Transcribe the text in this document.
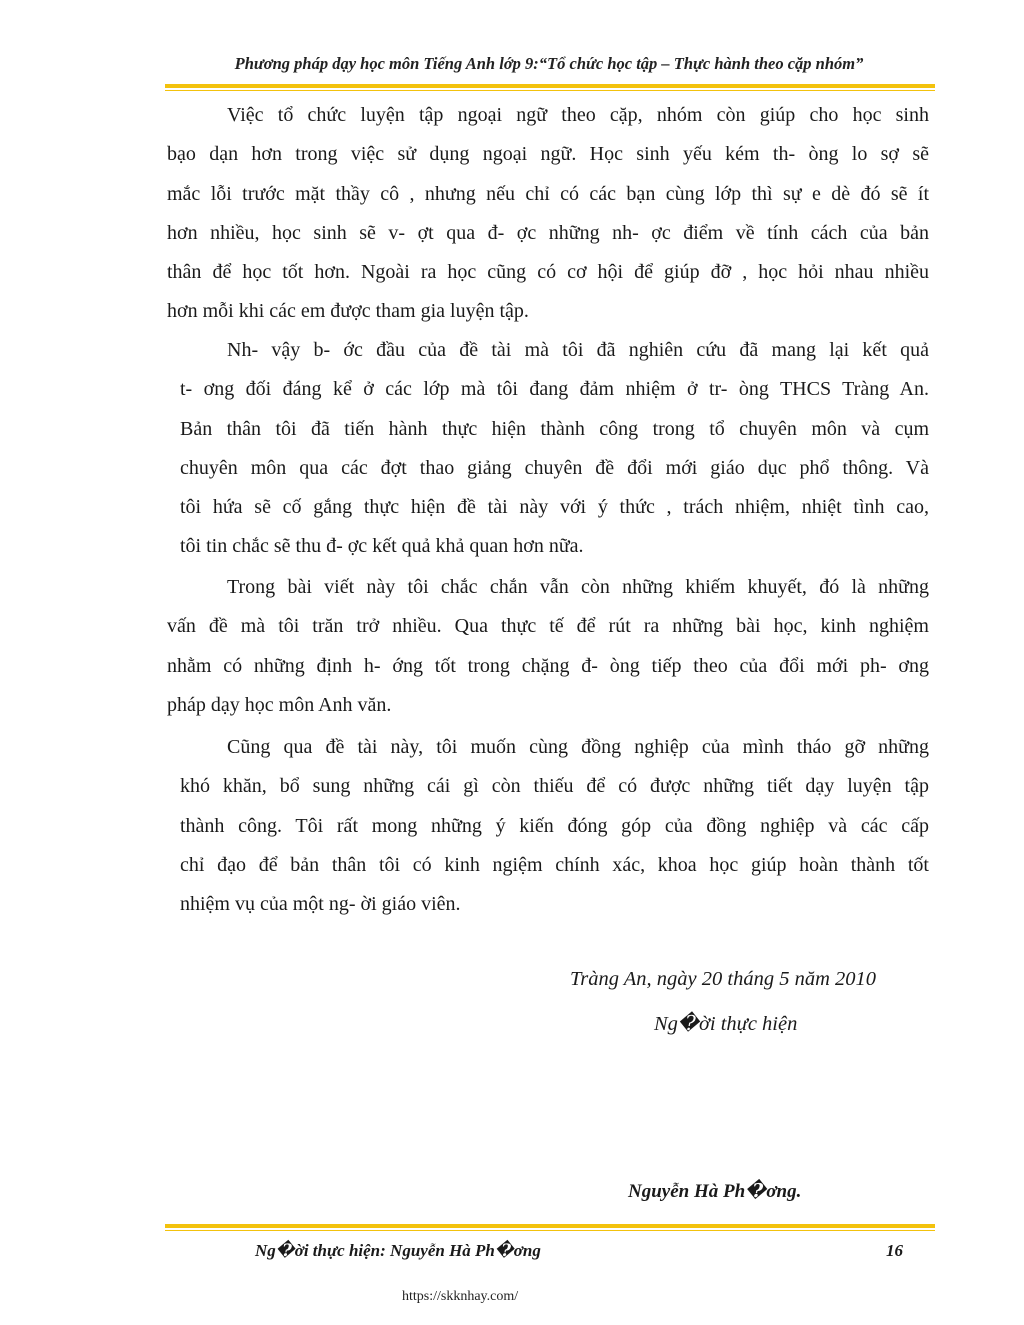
Phương pháp dạy học môn Tiếng Anh lớp 9:“Tổ chức học tập – Thực hành theo cặp nhóm”
Việc tổ chức luyện tập ngoại ngữ theo cặp, nhóm còn giúp cho học sinh
bạo dạn hơn trong việc sử dụng ngoại ngữ. Học sinh yếu kém th- òng lo sợ sẽ
mắc lỗi trước mặt thầy cô , nhưng nếu chỉ có các bạn cùng lớp thì sự e dè đó sẽ ít
hơn nhiều, học sinh sẽ v- ợt qua đ- ợc những nh- ợc điểm về tính cách của bản
thân để học tốt hơn. Ngoài ra học cũng có cơ hội để giúp đỡ , học hỏi nhau nhiều
hơn mỗi khi các em được tham gia luyện tập.
Nh- vậy b- ớc đầu của đề tài mà tôi đã nghiên cứu đã mang lại kết quả
t- ơng đối đáng kể ở các lớp mà tôi đang đảm nhiệm ở tr- òng THCS Tràng An.
Bản thân tôi đã tiến hành thực hiện thành công trong tổ chuyên môn và cụm
chuyên môn qua các đợt thao giảng chuyên đề đổi mới giáo dục phổ thông. Và
tôi hứa sẽ cố gắng thực hiện đề tài này với ý thức , trách nhiệm, nhiệt tình cao,
tôi tin chắc sẽ thu đ- ợc kết quả khả quan hơn nữa.
Trong bài viết này tôi chắc chắn vẫn còn những khiếm khuyết, đó là những
vấn đề mà tôi trăn trở nhiều. Qua thực tế để rút ra những bài học, kinh nghiệm
nhằm có những định h- ớng tốt trong chặng đ- òng tiếp theo của đổi mới ph- ơng
pháp dạy học môn Anh văn.
Cũng qua đề tài này, tôi muốn cùng đồng nghiệp của mình tháo gỡ những
khó khăn, bổ sung những cái gì còn thiếu để có được những tiết dạy luyện tập
thành công. Tôi rất mong những ý kiến đóng góp của đồng nghiệp và các cấp
chỉ đạo để bản thân tôi có kinh ngiệm chính xác, khoa học giúp hoàn thành tốt
nhiệm vụ của một ng- ời giáo viên.
Tràng An, ngày 20 tháng 5 năm 2010
Ng�ời thực hiện
Nguyễn Hà Ph�ơng.
Ng�ời thực hiện: Nguyễn Hà Ph�ơng	16
https://skknhay.com/
